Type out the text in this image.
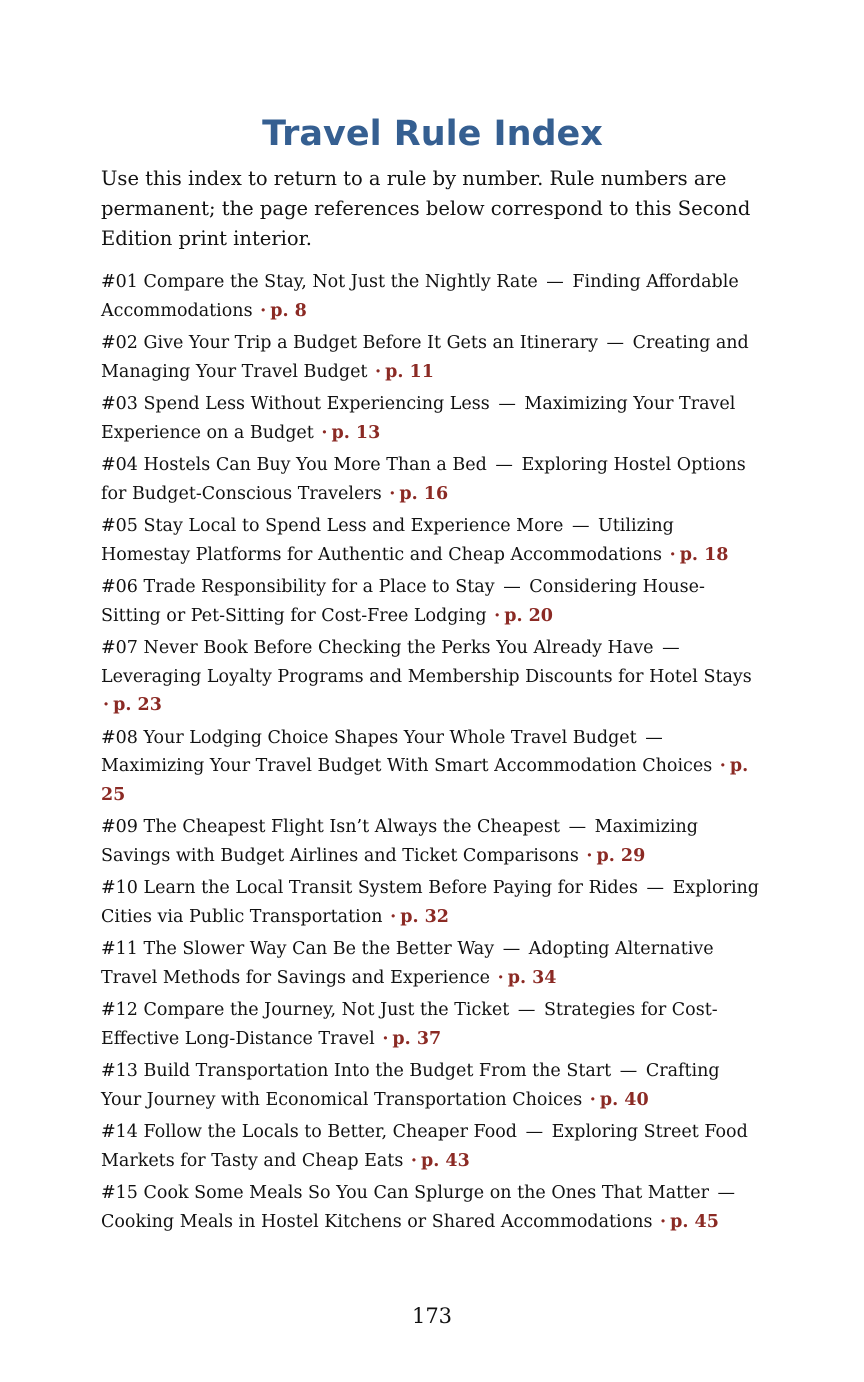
Travel Rule Index

Use this index to return to a rule by number. Rule numbers are permanent; the page references below correspond to this Second Edition print interior.

#01 Compare the Stay, Not Just the Nightly Rate — Finding Affordable Accommodations · p. 8
#02 Give Your Trip a Budget Before It Gets an Itinerary — Creating and Managing Your Travel Budget · p. 11
#03 Spend Less Without Experiencing Less — Maximizing Your Travel Experience on a Budget · p. 13
#04 Hostels Can Buy You More Than a Bed — Exploring Hostel Options for Budget-Conscious Travelers · p. 16
#05 Stay Local to Spend Less and Experience More — Utilizing Homestay Platforms for Authentic and Cheap Accommodations · p. 18
#06 Trade Responsibility for a Place to Stay — Considering House-Sitting or Pet-Sitting for Cost-Free Lodging · p. 20
#07 Never Book Before Checking the Perks You Already Have — Leveraging Loyalty Programs and Membership Discounts for Hotel Stays · p. 23
#08 Your Lodging Choice Shapes Your Whole Travel Budget — Maximizing Your Travel Budget With Smart Accommodation Choices · p. 25
#09 The Cheapest Flight Isn’t Always the Cheapest — Maximizing Savings with Budget Airlines and Ticket Comparisons · p. 29
#10 Learn the Local Transit System Before Paying for Rides — Exploring Cities via Public Transportation · p. 32
#11 The Slower Way Can Be the Better Way — Adopting Alternative Travel Methods for Savings and Experience · p. 34
#12 Compare the Journey, Not Just the Ticket — Strategies for Cost-Effective Long-Distance Travel · p. 37
#13 Build Transportation Into the Budget From the Start — Crafting Your Journey with Economical Transportation Choices · p. 40
#14 Follow the Locals to Better, Cheaper Food — Exploring Street Food Markets for Tasty and Cheap Eats · p. 43
#15 Cook Some Meals So You Can Splurge on the Ones That Matter — Cooking Meals in Hostel Kitchens or Shared Accommodations · p. 45
173
